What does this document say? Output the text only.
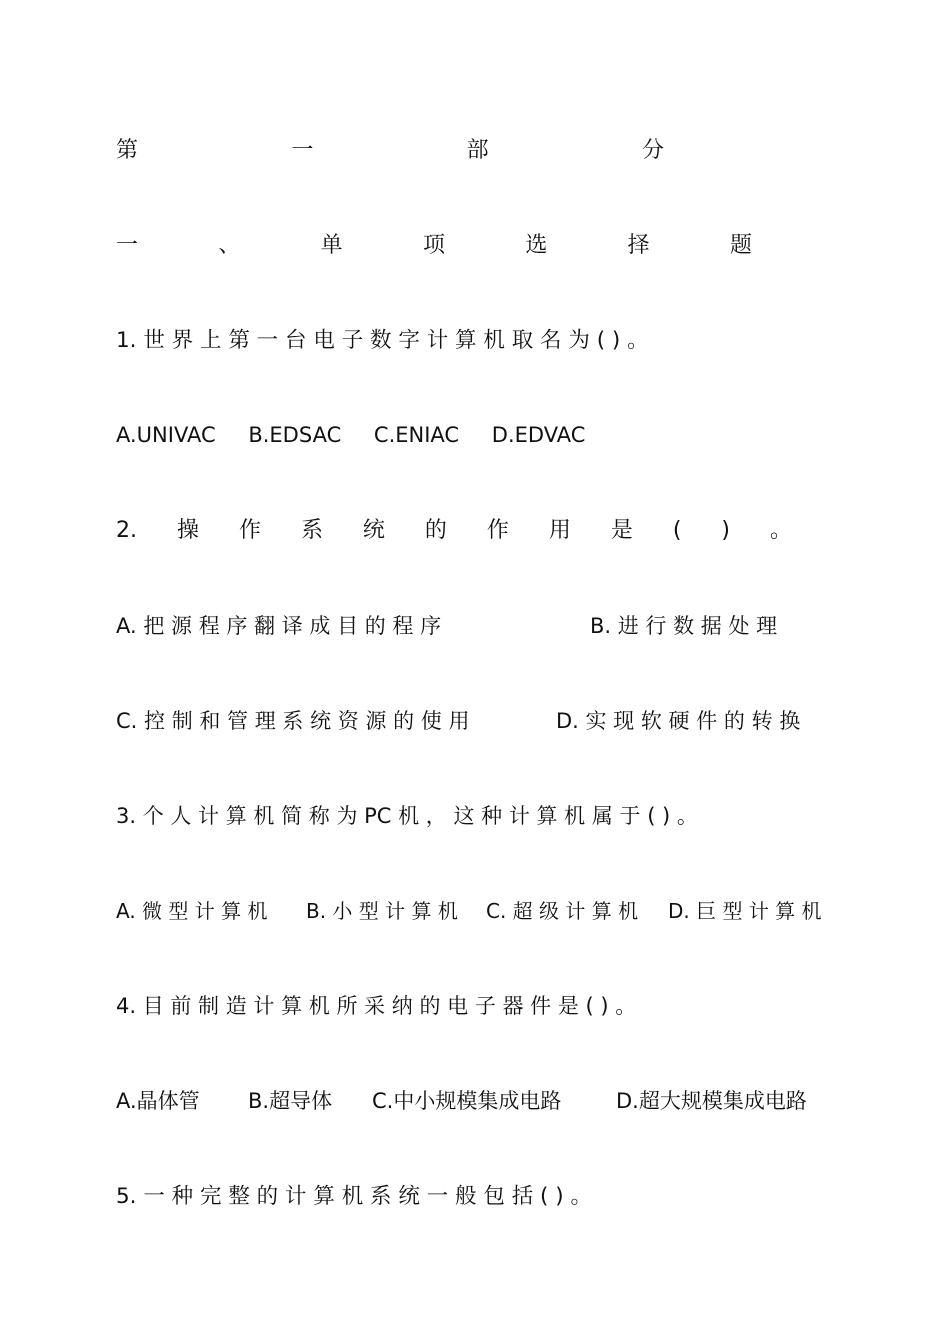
第	一	部	分
一	、	单	项	选	择	题
1. 世 界 上 第 一 台 电 子 数 字 计 算 机 取 名 为 ( ) 。
A.UNIVAC B.EDSAC C.ENIAC D.EDVAC
2. 操 作 系 统 的 作 用 是 ( ) 。
A. 把 源 程 序 翻 译 成 目 的 程 序	B. 进 行 数 据 处 理
C. 控 制 和 管 理 系 统 资 源 的 使 用	D. 实 现 软 硬 件 的 转 换
3. 个 人 计 算 机 简 称 为 PC 机 ， 这 种 计 算 机 属 于 ( ) 。
A. 微 型 计 算 机 B. 小 型 计 算 机 C. 超 级 计 算 机 D. 巨 型 计 算 机
4. 目 前 制 造 计 算 机 所 采 纳 的 电 子 器 件 是 ( ) 。
A.晶体管 B.超导体 C.中小规模集成电路	D.超大规模集成电路
5. 一 种 完 整 的 计 算 机 系 统 一 般 包 括 ( ) 。
